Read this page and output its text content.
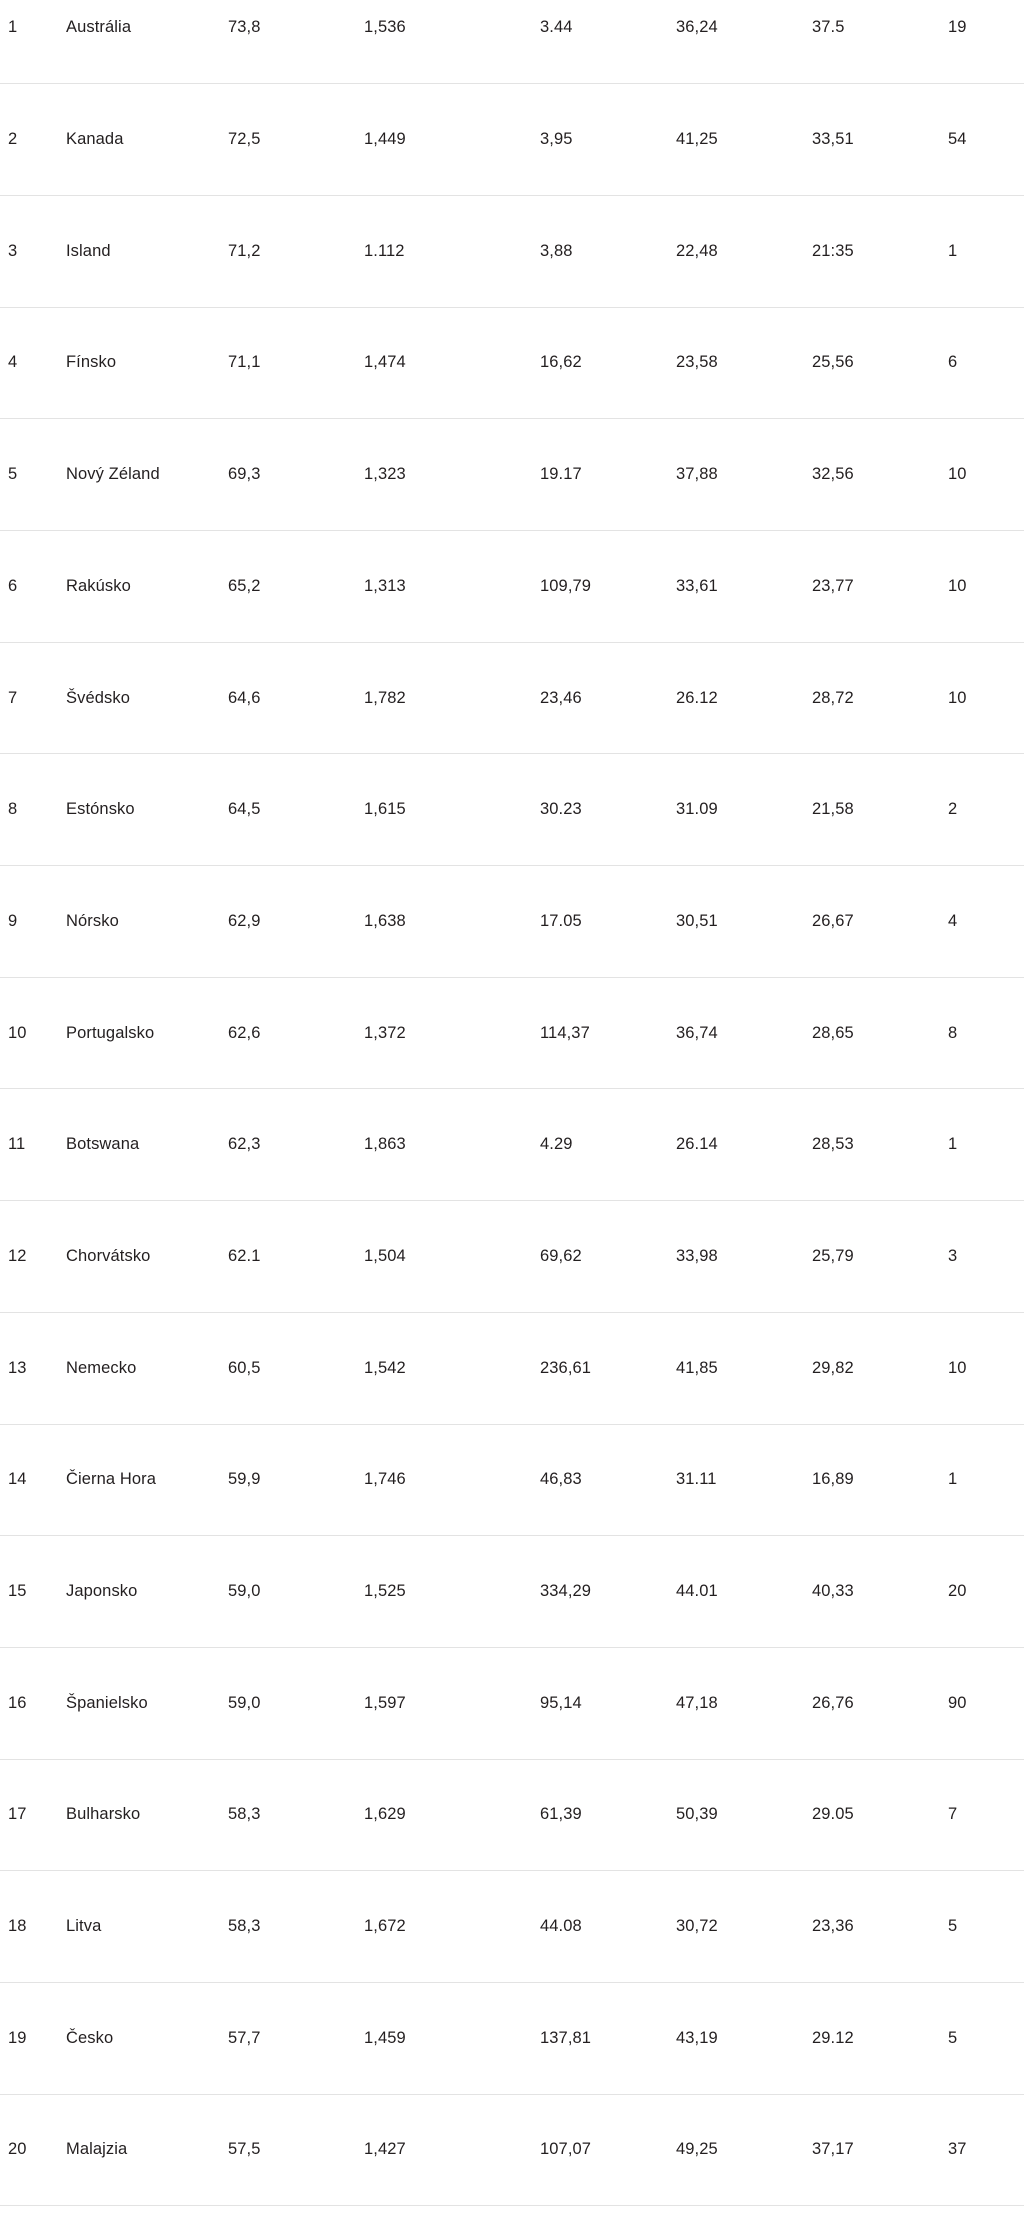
1	Austrália	73,8	1,536	3.44	36,24	37.5	19

2	Kanada	72,5	1,449	3,95	41,25	33,51	54

3	Island	71,2	1.112	3,88	22,48	21:35	1

4	Fínsko	71,1	1,474	16,62	23,58	25,56	6

5	Nový Zéland	69,3	1,323	19.17	37,88	32,56	10

6	Rakúsko	65,2	1,313	109,79	33,61	23,77	10

7	Švédsko	64,6	1,782	23,46	26.12	28,72	10

8	Estónsko	64,5	1,615	30.23	31.09	21,58	2

9	Nórsko	62,9	1,638	17.05	30,51	26,67	4

10	Portugalsko	62,6	1,372	114,37	36,74	28,65	8

11	Botswana	62,3	1,863	4.29	26.14	28,53	1

12	Chorvátsko	62.1	1,504	69,62	33,98	25,79	3

13	Nemecko	60,5	1,542	236,61	41,85	29,82	10

14	Čierna Hora	59,9	1,746	46,83	31.11	16,89	1

15	Japonsko	59,0	1,525	334,29	44.01	40,33	20

16	Španielsko	59,0	1,597	95,14	47,18	26,76	90

17	Bulharsko	58,3	1,629	61,39	50,39	29.05	7

18	Litva	58,3	1,672	44.08	30,72	23,36	5

19	Česko	57,7	1,459	137,81	43,19	29.12	5

20	Malajzia	57,5	1,427	107,07	49,25	37,17	37
